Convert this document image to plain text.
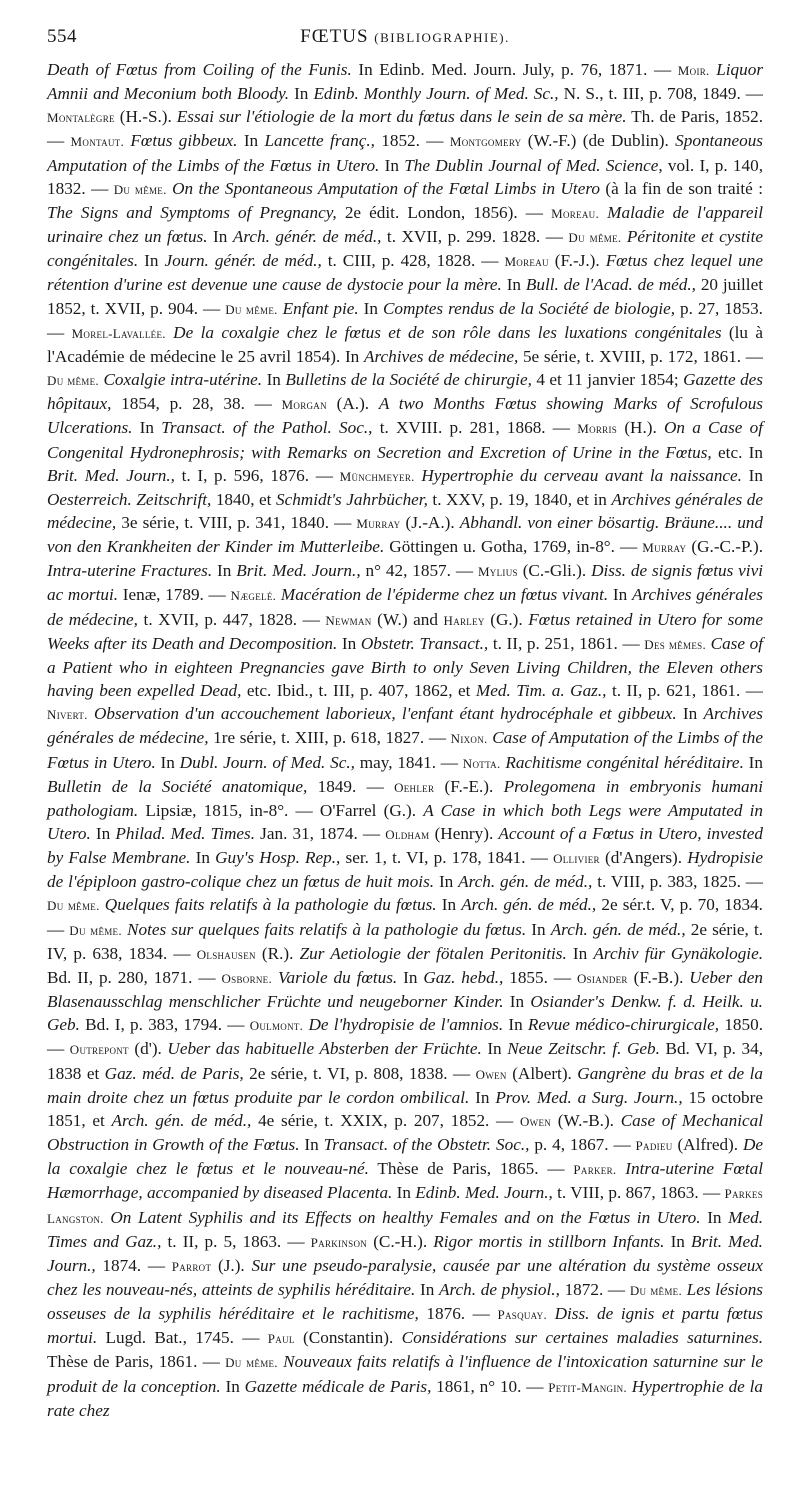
554	FŒTUS (BIBLIOGRAPHIE).
Death of Fœtus from Coiling of the Funis. In Edinb. Med. Journ. July, p. 76, 1871. — Moir. Liquor Amnii and Meconium both Bloody. In Edinb. Monthly Journ. of Med. Sc., N. S., t. III, p. 708, 1849. — Montalègre (H.-S.). Essai sur l'étiologie de la mort du fœtus dans le sein de sa mère. Th. de Paris, 1852. — Montaut. Fœtus gibbeux. In Lancette franç., 1852. — Montgomery (W.-F.) (de Dublin). Spontaneous Amputation of the Limbs of the Fœtus in Utero. In The Dublin Journal of Med. Science, vol. I, p. 140, 1832. — Du même. On the Spontaneous Amputation of the Fœtal Limbs in Utero (à la fin de son traité : The Signs and Symptoms of Pregnancy, 2e édit. London, 1856). — Moreau. Maladie de l'appareil urinaire chez un fœtus. In Arch. génér. de méd., t. XVII, p. 299. 1828. — Du même. Péritonite et cystite congénitales. In Journ. génér. de méd., t. CIII, p. 428, 1828. — Moreau (F.-J.). Fœtus chez lequel une rétention d'urine est devenue une cause de dystocie pour la mère. In Bull. de l'Acad. de méd., 20 juillet 1852, t. XVII, p. 904. — Du même. Enfant pie. In Comptes rendus de la Société de biologie, p. 27, 1853. — Morel-Lavallée. De la coxalgie chez le fœtus et de son rôle dans les luxations congénitales (lu à l'Académie de médecine le 25 avril 1854). In Archives de médecine, 5e série, t. XVIII, p. 172, 1861. — Du même. Coxalgie intra-utérine. In Bulletins de la Société de chirurgie, 4 et 11 janvier 1854; Gazette des hôpitaux, 1854, p. 28, 38. — Morgan (A.). A two Months Fœtus showing Marks of Scrofulous Ulcerations. In Transact. of the Pathol. Soc., t. XVIII. p. 281, 1868. — Morris (H.). On a Case of Congenital Hydronephrosis; with Remarks on Secretion and Excretion of Urine in the Fœtus, etc. In Brit. Med. Journ., t. I, p. 596, 1876. — Münchmeyer. Hypertrophie du cerveau avant la naissance. In Oesterreich. Zeitschrift, 1840, et Schmidt's Jahrbücher, t. XXV, p. 19, 1840, et in Archives générales de médecine, 3e série, t. VIII, p. 341, 1840. — Murray (J.-A.). Abhandl. von einer bösartig. Bräune.... und von den Krankheiten der Kinder im Mutterleibe. Göttingen u. Gotha, 1769, in-8°. — Murray (G.-C.-P.). Intra-uterine Fractures. In Brit. Med. Journ., n° 42, 1857. — Mylius (C.-Gli.). Diss. de signis fœtus vivi ac mortui. Ienæ, 1789. — Nægelé. Macération de l'épiderme chez un fœtus vivant. In Archives générales de médecine, t. XVII, p. 447, 1828. — Newman (W.) and Harley (G.). Fœtus retained in Utero for some Weeks after its Death and Decomposition. In Obstetr. Transact., t. II, p. 251, 1861. — Des mêmes. Case of a Patient who in eighteen Pregnancies gave Birth to only Seven Living Children, the Eleven others having been expelled Dead, etc. Ibid., t. III, p. 407, 1862, et Med. Tim. a. Gaz., t. II, p. 621, 1861. — Nivert. Observation d'un accouchement laborieux, l'enfant étant hydrocéphale et gibbeux. In Archives générales de médecine, 1re série, t. XIII, p. 618, 1827. — Nixon. Case of Amputation of the Limbs of the Fœtus in Utero. In Dubl. Journ. of Med. Sc., may, 1841. — Notta. Rachitisme congénital héréditaire. In Bulletin de la Société anatomique, 1849. — Oehler (F.-E.). Prolegomena in embryonis humani pathologiam. Lipsiæ, 1815, in-8°. — O'Farrel (G.). A Case in which both Legs were Amputated in Utero. In Philad. Med. Times. Jan. 31, 1874. — Oldham (Henry). Account of a Fœtus in Utero, invested by False Membrane. In Guy's Hosp. Rep., ser. 1, t. VI, p. 178, 1841. — Ollivier (d'Angers). Hydropisie de l'épiploon gastro-colique chez un fœtus de huit mois. In Arch. gén. de méd., t. VIII, p. 383, 1825. — Du même. Quelques faits relatifs à la pathologie du fœtus. In Arch. gén. de méd., 2e sér.t. V, p. 70, 1834. — Du même. Notes sur quelques faits relatifs à la pathologie du fœtus. In Arch. gén. de méd., 2e série, t. IV, p. 638, 1834. — Olshausen (R.). Zur Aetiologie der fötalen Peritonitis. In Archiv für Gynäkologie. Bd. II, p. 280, 1871. — Osborne. Variole du fœtus. In Gaz. hebd., 1855. — Osiander (F.-B.). Ueber den Blasenausschlag menschlicher Früchte und neugeborner Kinder. In Osiander's Denkw. f. d. Heilk. u. Geb. Bd. I, p. 383, 1794. — Oulmont. De l'hydropisie de l'amnios. In Revue médico-chirurgicale, 1850. — Outrepont (d'). Ueber das habituelle Absterben der Früchte. In Neue Zeitschr. f. Geb. Bd. VI, p. 34, 1838 et Gaz. méd. de Paris, 2e série, t. VI, p. 808, 1838. — Owen (Albert). Gangrène du bras et de la main droite chez un fœtus produite par le cordon ombilical. In Prov. Med. a Surg. Journ., 15 octobre 1851, et Arch. gén. de méd., 4e série, t. XXIX, p. 207, 1852. — Owen (W.-B.). Case of Mechanical Obstruction in Growth of the Fœtus. In Transact. of the Obstetr. Soc., p. 4, 1867. — Padieu (Alfred). De la coxalgie chez le fœtus et le nouveau-né. Thèse de Paris, 1865. — Parker. Intra-uterine Fœtal Hæmorrhage, accompanied by diseased Placenta. In Edinb. Med. Journ., t. VIII, p. 867, 1863. — Parkes Langston. On Latent Syphilis and its Effects on healthy Females and on the Fœtus in Utero. In Med. Times and Gaz., t. II, p. 5, 1863. — Parkinson (C.-H.). Rigor mortis in stillborn Infants. In Brit. Med. Journ., 1874. — Parrot (J.). Sur une pseudo-paralysie, causée par une altération du système osseux chez les nouveau-nés, atteints de syphilis héréditaire. In Arch. de physiol., 1872. — Du même. Les lésions osseuses de la syphilis héréditaire et le rachitisme, 1876. — Pasquay. Diss. de ignis et partu fœtus mortui. Lugd. Bat., 1745. — Paul (Constantin). Considérations sur certaines maladies saturnines. Thèse de Paris, 1861. — Du même. Nouveaux faits relatifs à l'influence de l'intoxication saturnine sur le produit de la conception. In Gazette médicale de Paris, 1861, n° 10. — Petit-Mangin. Hypertrophie de la rate chez
